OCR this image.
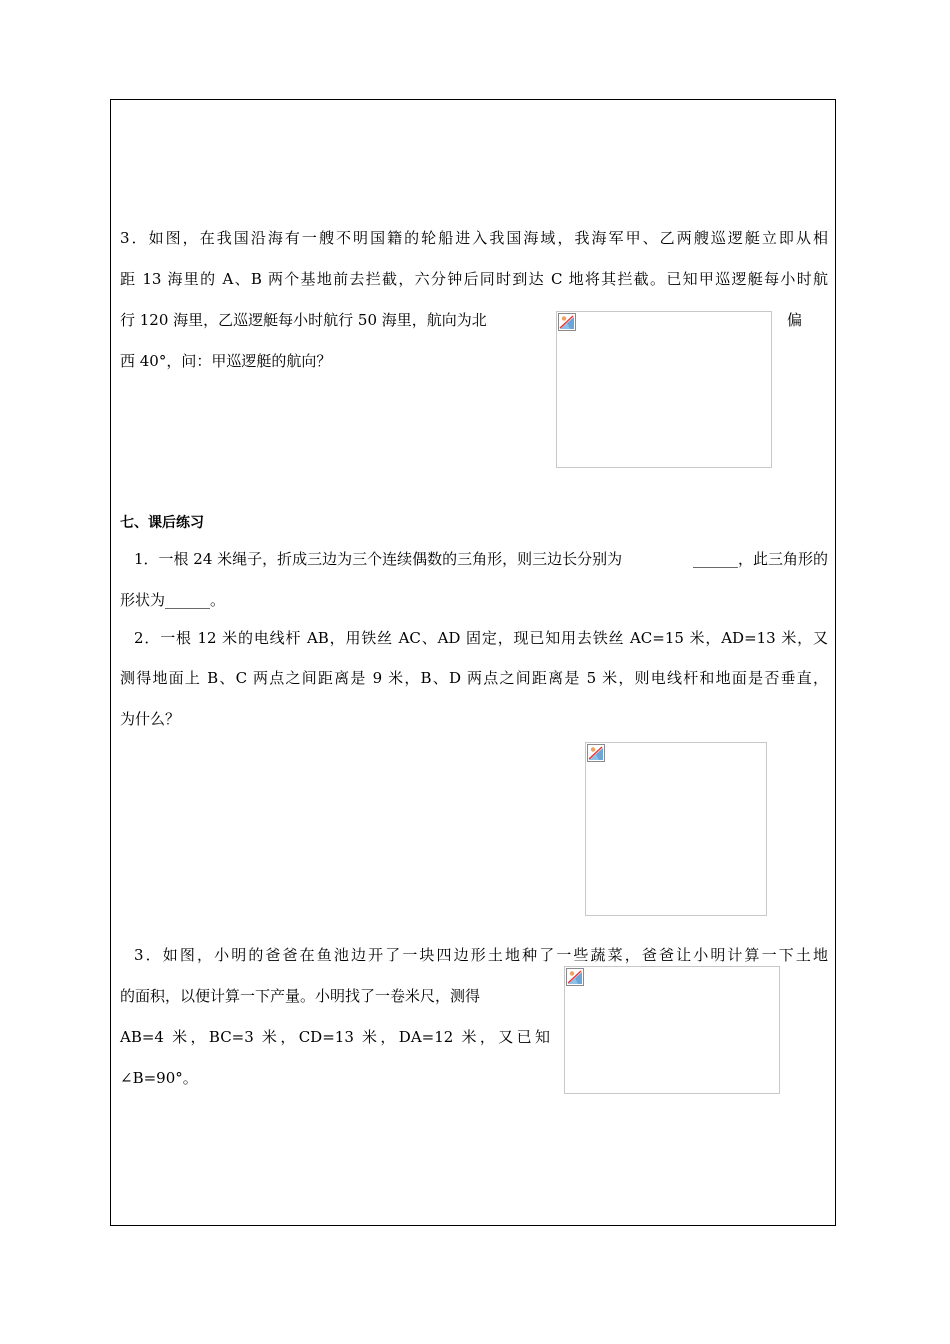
3．如图，在我国沿海有一艘不明国籍的轮船进入我国海域，我海军甲、乙两艘巡逻艇立即从相
距 13 海里的 A、B 两个基地前去拦截，六分钟后同时到达 C 地将其拦截。已知甲巡逻艇每小时航
行 120 海里，乙巡逻艇每小时航行 50 海里，航向为北	偏
西 40°，问：甲巡逻艇的航向？
七、课后练习
1．一根 24 米绳子，折成三边为三个连续偶数的三角形，则三边长分别为	______ ，此三角形的
形状为______。
2．一根 12 米的电线杆 AB，用铁丝 AC、AD 固定，现已知用去铁丝 AC=15 米，AD=13 米，又
测得地面上 B、C 两点之间距离是 9 米，B、D 两点之间距离是 5 米，则电线杆和地面是否垂直，
为什么？
3．如图，小明的爸爸在鱼池边开了一块四边形土地种了一些蔬菜，爸爸让小明计算一下土地
的面积，以便计算一下产量。小明找了一卷米尺，测得
AB=4 米，BC=3 米，CD=13 米，DA=12 米，又已知
∠B=90°。
